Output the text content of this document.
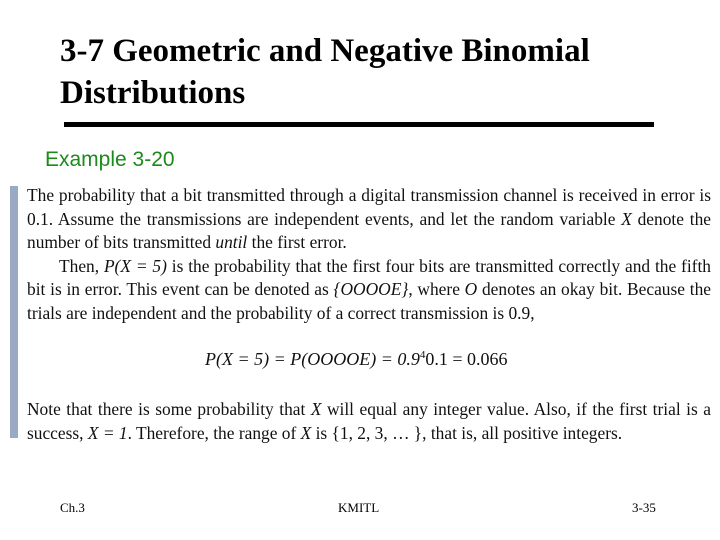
3-7 Geometric and Negative Binomial
Distributions
Example 3-20

The probability that a bit transmitted through a digital transmission channel is received in error is 0.1. Assume the transmissions are independent events, and let the random variable X denote the number of bits transmitted until the first error.

Then, P(X = 5) is the probability that the first four bits are transmitted correctly and the fifth bit is in error. This event can be denoted as {OOOOE}, where O denotes an okay bit. Because the trials are independent and the probability of a correct transmission is 0.9,

P(X = 5) = P(OOOOE) = $0.9^40.1 = 0.066$

Note that there is some probability that X will equal any integer value. Also, if the first trial is a success, X = 1. Therefore, the range of X is {1, 2, 3, … }, that is, all positive integers.

Ch.3	KMITL	3-35
